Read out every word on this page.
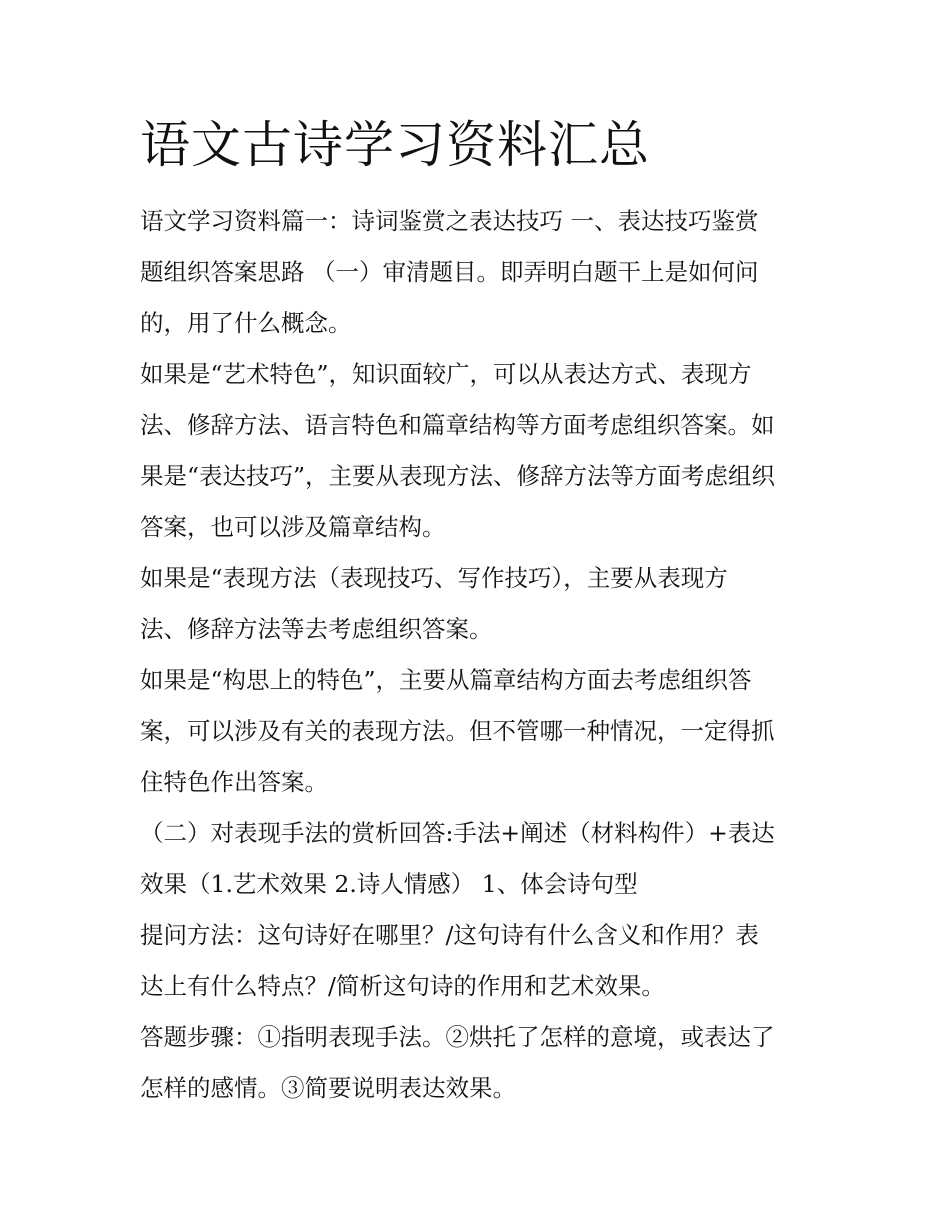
语文古诗学习资料汇总

语文学习资料篇一：诗词鉴赏之表达技巧 一、表达技巧鉴赏
题组织答案思路 （一）审清题目。即弄明白题干上是如何问
的，用了什么概念。

如果是“艺术特色”，知识面较广，可以从表达方式、表现方
法、修辞方法、语言特色和篇章结构等方面考虑组织答案。如
果是“表达技巧”，主要从表现方法、修辞方法等方面考虑组织
答案，也可以涉及篇章结构。

如果是“表现方法（表现技巧、写作技巧），主要从表现方
法、修辞方法等去考虑组织答案。

如果是“构思上的特色”，主要从篇章结构方面去考虑组织答
案，可以涉及有关的表现方法。但不管哪一种情况，一定得抓
住特色作出答案。

（二）对表现手法的赏析回答:手法+阐述（材料构件）+表达
效果（1.艺术效果 2.诗人情感） 1、体会诗句型

提问方法：这句诗好在哪里？/这句诗有什么含义和作用？表
达上有什么特点？/简析这句诗的作用和艺术效果。

答题步骤：①指明表现手法。②烘托了怎样的意境，或表达了
怎样的感情。③简要说明表达效果。
